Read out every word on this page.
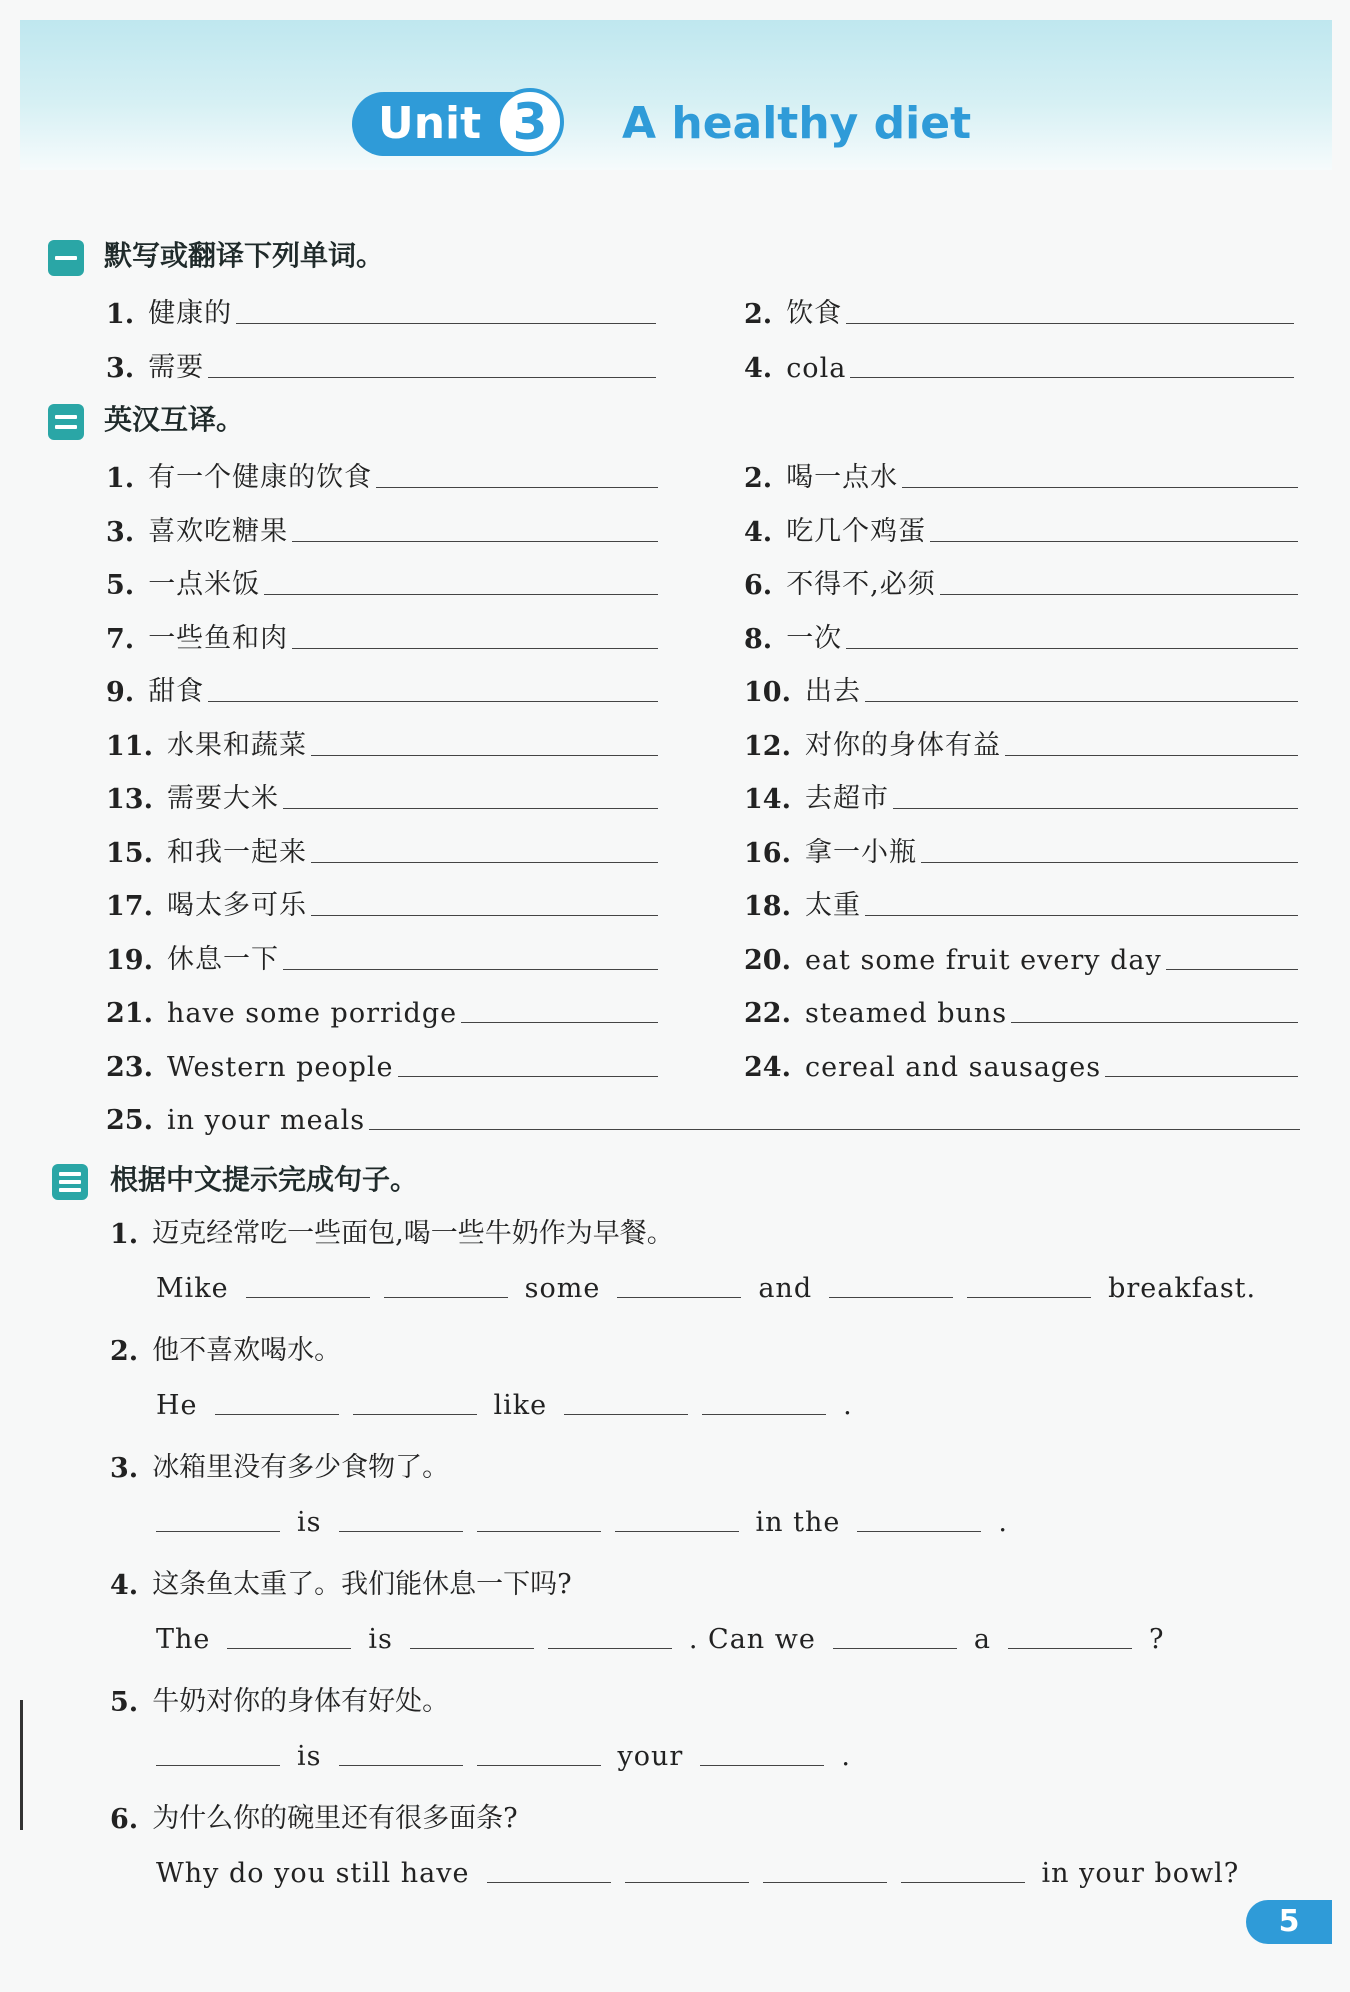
Unit 3	A healthy diet
默写或翻译下列单词。
1. 健康的	2. 饮食
3. 需要	4. cola
英汉互译。
1. 有一个健康的饮食	2. 喝一点水
3. 喜欢吃糖果	4. 吃几个鸡蛋
5. 一点米饭	6. 不得不,必须
7. 一些鱼和肉	8. 一次
9. 甜食	10. 出去
11. 水果和蔬菜	12. 对你的身体有益
13. 需要大米	14. 去超市
15. 和我一起来	16. 拿一小瓶
17. 喝太多可乐	18. 太重
19. 休息一下	20. eat some fruit every day
21. have some porridge	22. steamed buns
23. Western people	24. cereal and sausages
25. in your meals
根据中文提示完成句子。
1. 迈克经常吃一些面包,喝一些牛奶作为早餐。
Mike	some	and	breakfast.
2. 他不喜欢喝水。
He	like	.
3. 冰箱里没有多少食物了。
is	in the	.
4. 这条鱼太重了。我们能休息一下吗?
The	is	. Can we	a	?
5. 牛奶对你的身体有好处。
is	your	.
6. 为什么你的碗里还有很多面条?
Why do you still have	in your bowl?
5
